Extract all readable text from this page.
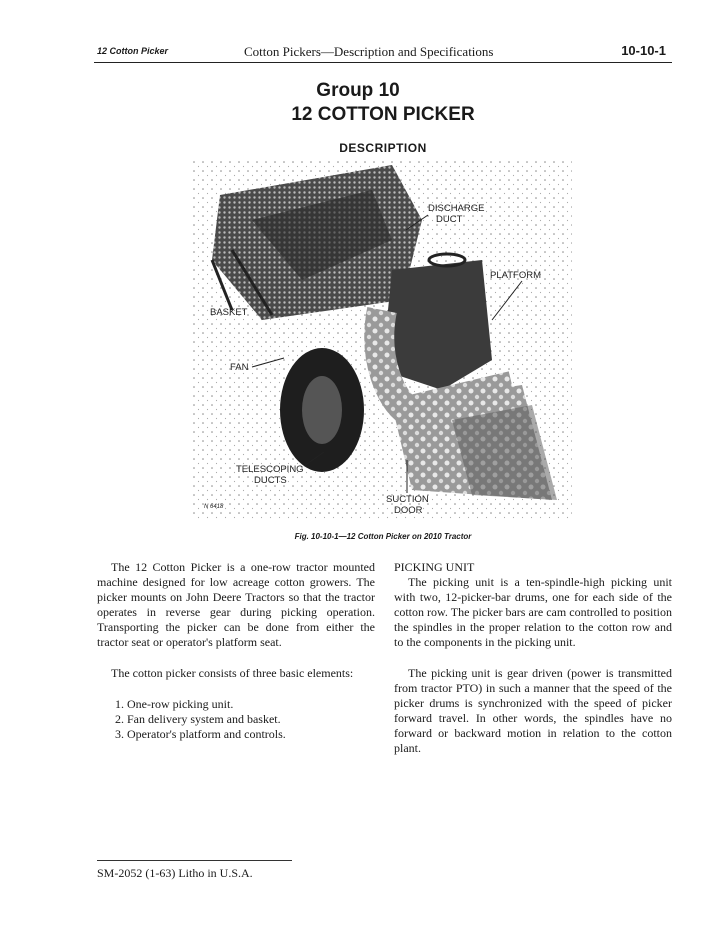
12 Cotton Picker	Cotton Pickers—Description and Specifications	10-10-1
Group 10
12 COTTON PICKER
DESCRIPTION
DISCHARGE
DUCT
PLATFORM
BASKET
FAN
TELESCOPING
DUCTS
SUCTION
DOOR
N 6418
Fig. 10-10-1—12 Cotton Picker on 2010 Tractor

The 12 Cotton Picker is a one-row tractor mounted machine designed for low acreage cotton growers. The picker mounts on John Deere Tractors so that the tractor operates in reverse gear during picking operation. Transporting the picker can be done from either the tractor seat or operator's platform seat.

The cotton picker consists of three basic elements:

1. One-row picking unit.
2. Fan delivery system and basket.
3. Operator's platform and controls.
PICKING UNIT

The picking unit is a ten-spindle-high picking unit with two, 12-picker-bar drums, one for each side of the cotton row. The picker bars are cam controlled to position the spindles in the proper relation to the cotton row and to the components in the picking unit.

The picking unit is gear driven (power is transmitted from tractor PTO) in such a manner that the speed of the picker drums is synchronized with the speed of picker forward travel. In other words, the spindles have no forward or backward motion in relation to the cotton plant.

SM-2052 (1-63) Litho in U.S.A.
